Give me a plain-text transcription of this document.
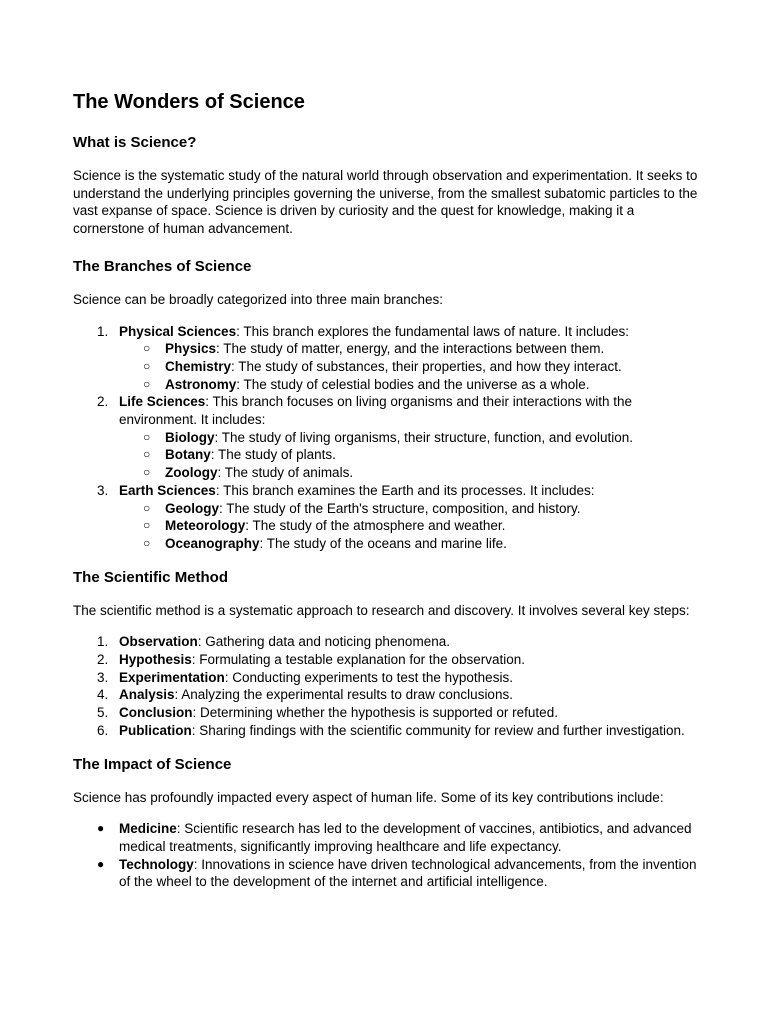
The Wonders of Science
What is Science?

Science is the systematic study of the natural world through observation and experimentation. It seeks to understand the underlying principles governing the universe, from the smallest subatomic particles to the vast expanse of space. Science is driven by curiosity and the quest for knowledge, making it a cornerstone of human advancement.

The Branches of Science

Science can be broadly categorized into three main branches:

1. Physical Sciences: This branch explores the fundamental laws of nature. It includes:
○ Physics: The study of matter, energy, and the interactions between them.
○ Chemistry: The study of substances, their properties, and how they interact.
○ Astronomy: The study of celestial bodies and the universe as a whole.
2. Life Sciences: This branch focuses on living organisms and their interactions with the environment. It includes:
○ Biology: The study of living organisms, their structure, function, and evolution.
○ Botany: The study of plants.
○ Zoology: The study of animals.
3. Earth Sciences: This branch examines the Earth and its processes. It includes:
○ Geology: The study of the Earth's structure, composition, and history.
○ Meteorology: The study of the atmosphere and weather.
○ Oceanography: The study of the oceans and marine life.
The Scientific Method

The scientific method is a systematic approach to research and discovery. It involves several key steps:

1. Observation: Gathering data and noticing phenomena.
2. Hypothesis: Formulating a testable explanation for the observation.
3. Experimentation: Conducting experiments to test the hypothesis.
4. Analysis: Analyzing the experimental results to draw conclusions.
5. Conclusion: Determining whether the hypothesis is supported or refuted.
6. Publication: Sharing findings with the scientific community for review and further investigation.
The Impact of Science

Science has profoundly impacted every aspect of human life. Some of its key contributions include:

● Medicine: Scientific research has led to the development of vaccines, antibiotics, and advanced medical treatments, significantly improving healthcare and life expectancy.
● Technology: Innovations in science have driven technological advancements, from the invention of the wheel to the development of the internet and artificial intelligence.
